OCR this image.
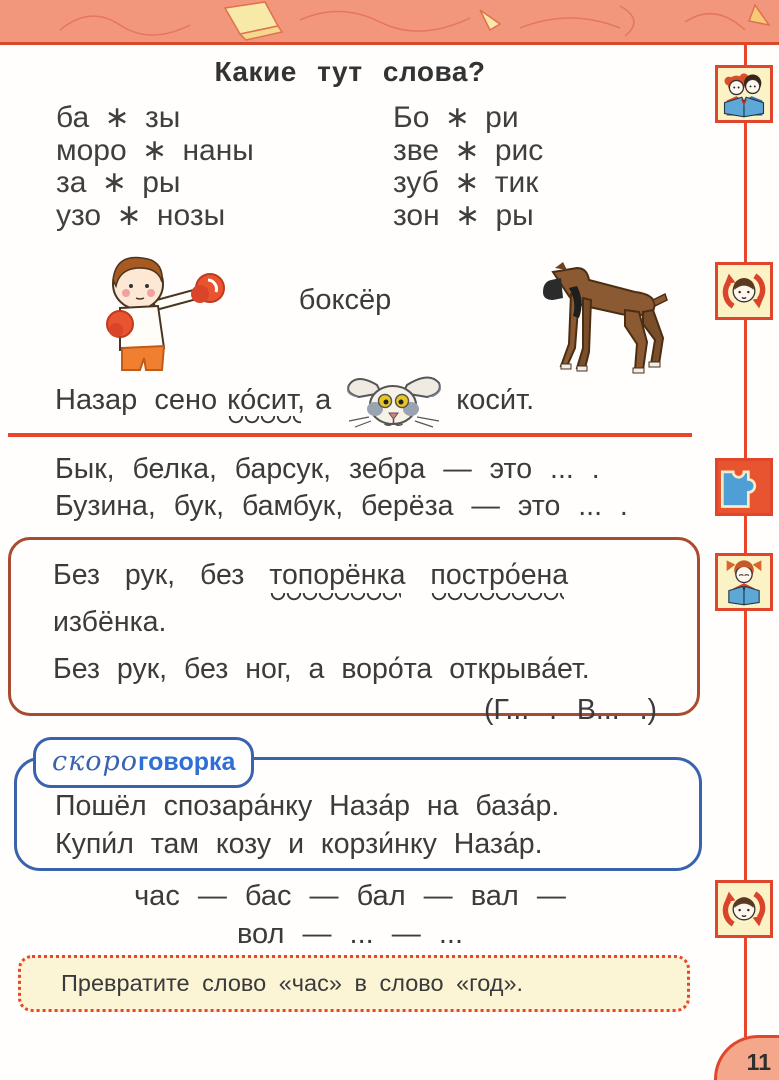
Какие тут слова?
ба ∗ зы
моро ∗ наны
за ∗ ры
узо ∗ нозы
Бо ∗ ри
зве ∗ рис
зуб ∗ тик
зон ∗ ры
боксёр
Назар сено ко́сит, а	коси́т.
Бык, белка, барсук, зебра — это ... .
Бузина, бук, бамбук, берёза — это ... .
Без рук, без топорёнка постро́ена
избёнка.
Без рук, без ног, а воро́та открыва́ет.
(Г... . В... .)
скороговорка
Пошёл спозара́нку Наза́р на база́р.
Купи́л там козу и корзи́нку Наза́р.
час — бас — бал — вал —
вол — ... — ...
Превратите слово «час» в слово «год».
11
